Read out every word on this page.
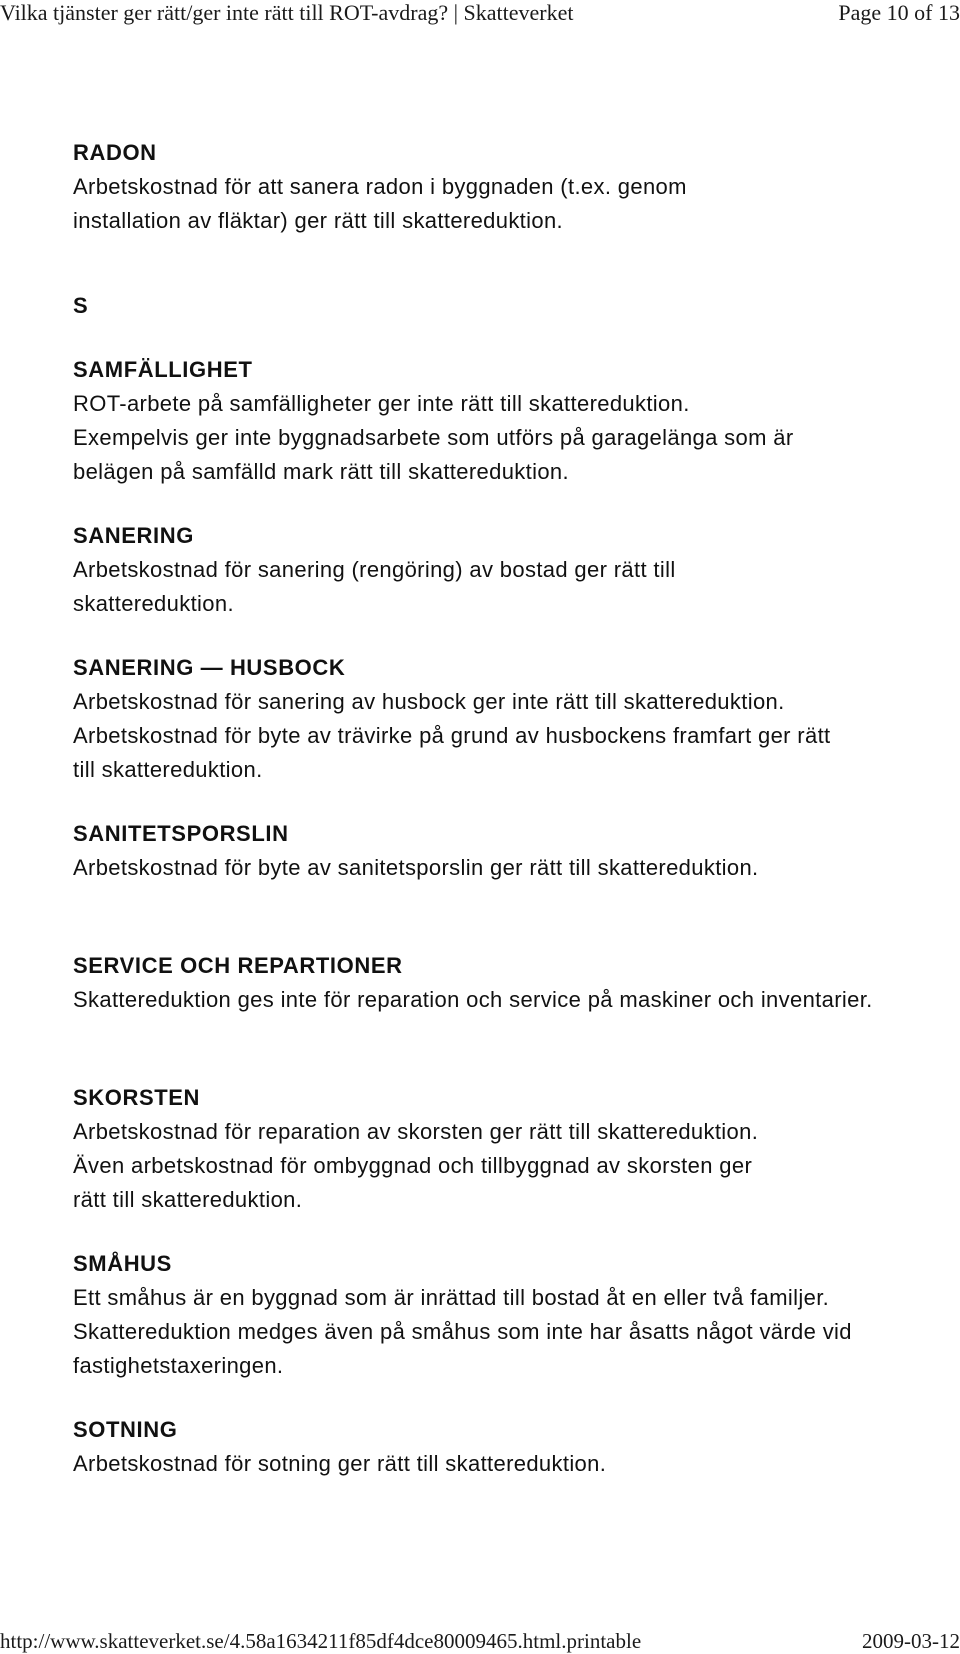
Vilka tjänster ger rätt/ger inte rätt till ROT-avdrag? | Skatteverket	Page 10 of 13
RADON
Arbetskostnad för att sanera radon i byggnaden (t.ex. genom installation av fläktar) ger rätt till skattereduktion.
S
SAMFÄLLIGHET
ROT-arbete på samfälligheter ger inte rätt till skattereduktion. Exempelvis ger inte byggnadsarbete som utförs på garagelänga som är belägen på samfälld mark rätt till skattereduktion.
SANERING
Arbetskostnad för sanering (rengöring) av bostad ger rätt till skattereduktion.
SANERING — HUSBOCK
Arbetskostnad för sanering av husbock ger inte rätt till skattereduktion. Arbetskostnad för byte av trävirke på grund av husbockens framfart ger rätt till skattereduktion.
SANITETSPORSLIN
Arbetskostnad för byte av sanitetsporslin ger rätt till skattereduktion.
SERVICE OCH REPARTIONER
Skattereduktion ges inte för reparation och service på maskiner och inventarier.
SKORSTEN
Arbetskostnad för reparation av skorsten ger rätt till skattereduktion. Även arbetskostnad för ombyggnad och tillbyggnad av skorsten ger rätt till skattereduktion.
SMÅHUS
Ett småhus är en byggnad som är inrättad till bostad åt en eller två familjer. Skattereduktion medges även på småhus som inte har åsatts något värde vid fastighetstaxeringen.
SOTNING
Arbetskostnad för sotning ger rätt till skattereduktion.
http://www.skatteverket.se/4.58a1634211f85df4dce80009465.html.printable	2009-03-12
